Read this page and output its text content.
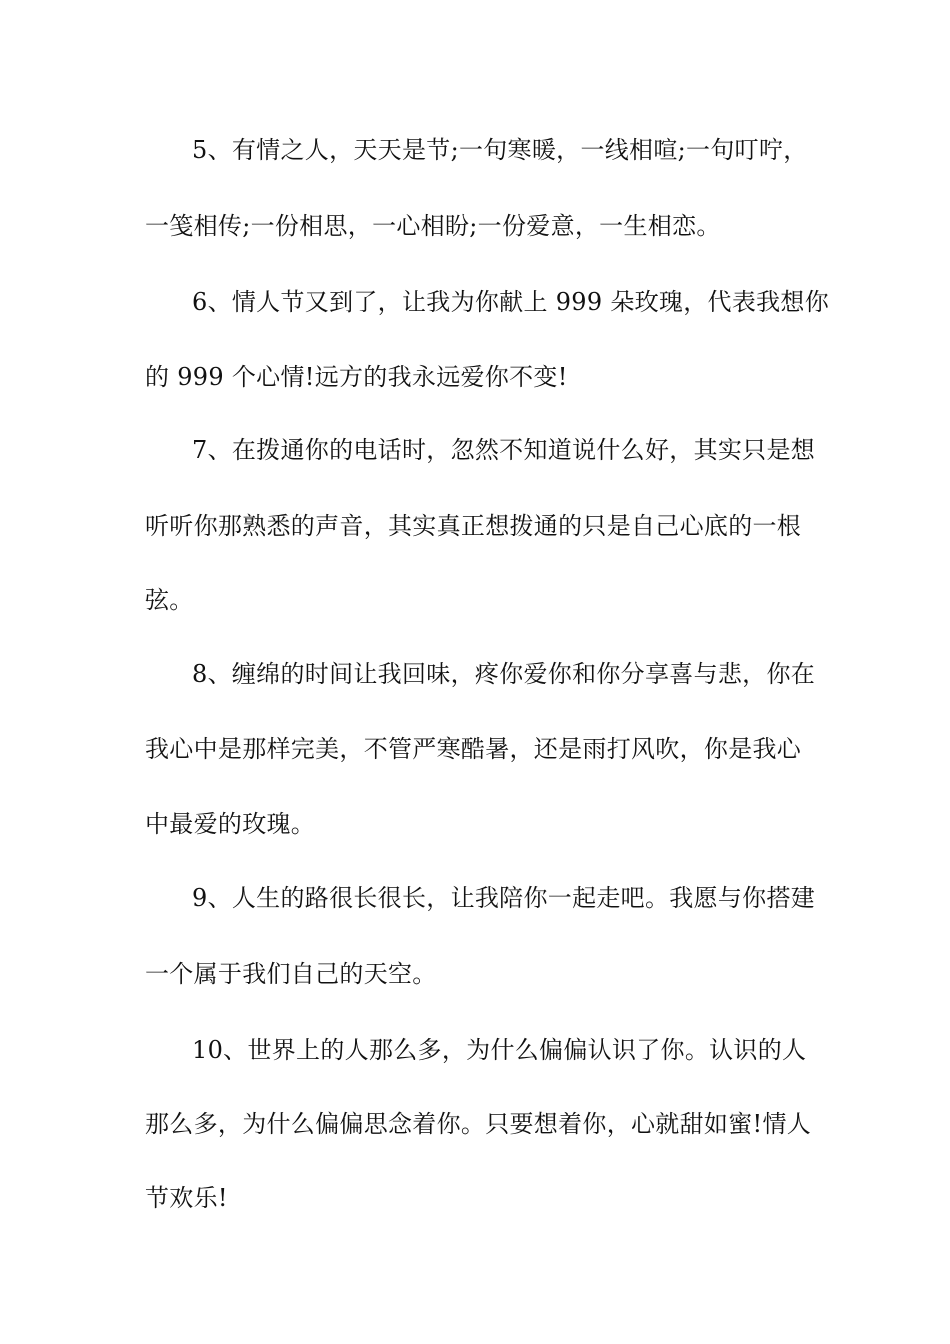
5、有情之人，天天是节;一句寒暖，一线相喧;一句叮咛，
一笺相传;一份相思，一心相盼;一份爱意，一生相恋。
6、情人节又到了，让我为你献上 999 朵玫瑰，代表我想你
的 999 个心情!远方的我永远爱你不变!
7、在拨通你的电话时，忽然不知道说什么好，其实只是想
听听你那熟悉的声音，其实真正想拨通的只是自己心底的一根
弦。
8、缠绵的时间让我回味，疼你爱你和你分享喜与悲，你在
我心中是那样完美，不管严寒酷暑，还是雨打风吹，你是我心
中最爱的玫瑰。
9、人生的路很长很长，让我陪你一起走吧。我愿与你搭建
一个属于我们自己的天空。
10、世界上的人那么多，为什么偏偏认识了你。认识的人
那么多，为什么偏偏思念着你。只要想着你，心就甜如蜜!情人
节欢乐!
